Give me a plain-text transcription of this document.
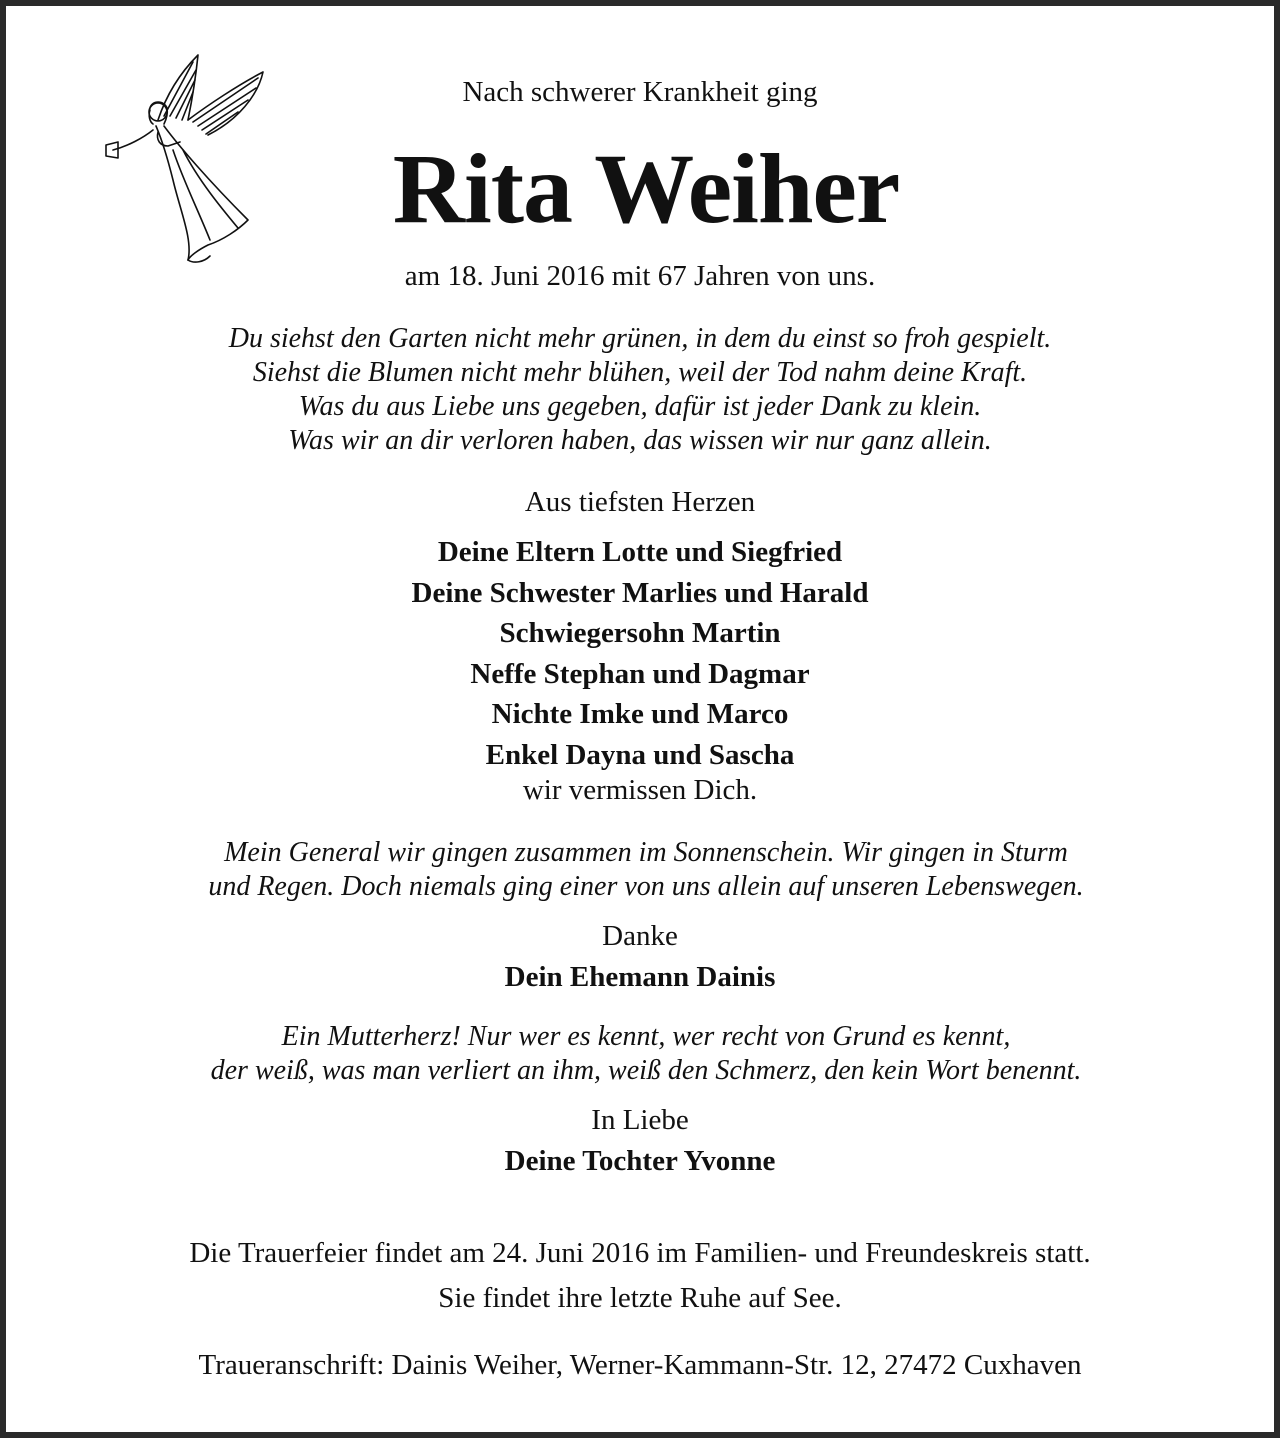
Nach schwerer Krankheit ging
Rita Weiher
am 18. Juni 2016 mit 67 Jahren von uns.
Du siehst den Garten nicht mehr grünen, in dem du einst so froh gespielt.
Siehst die Blumen nicht mehr blühen, weil der Tod nahm deine Kraft.
Was du aus Liebe uns gegeben, dafür ist jeder Dank zu klein.
Was wir an dir verloren haben, das wissen wir nur ganz allein.
Aus tiefsten Herzen
Deine Eltern Lotte und Siegfried
Deine Schwester Marlies und Harald
Schwiegersohn Martin
Neffe Stephan und Dagmar
Nichte Imke und Marco
Enkel Dayna und Sascha
wir vermissen Dich.
Mein General wir gingen zusammen im Sonnenschein. Wir gingen in Sturm
und Regen. Doch niemals ging einer von uns allein auf unseren Lebenswegen.
Danke
Dein Ehemann Dainis
Ein Mutterherz! Nur wer es kennt, wer recht von Grund es kennt,
der weiß, was man verliert an ihm, weiß den Schmerz, den kein Wort benennt.
In Liebe
Deine Tochter Yvonne
Die Trauerfeier findet am 24. Juni 2016 im Familien- und Freundeskreis statt.
Sie findet ihre letzte Ruhe auf See.
Traueranschrift: Dainis Weiher, Werner-Kammann-Str. 12, 27472 Cuxhaven
